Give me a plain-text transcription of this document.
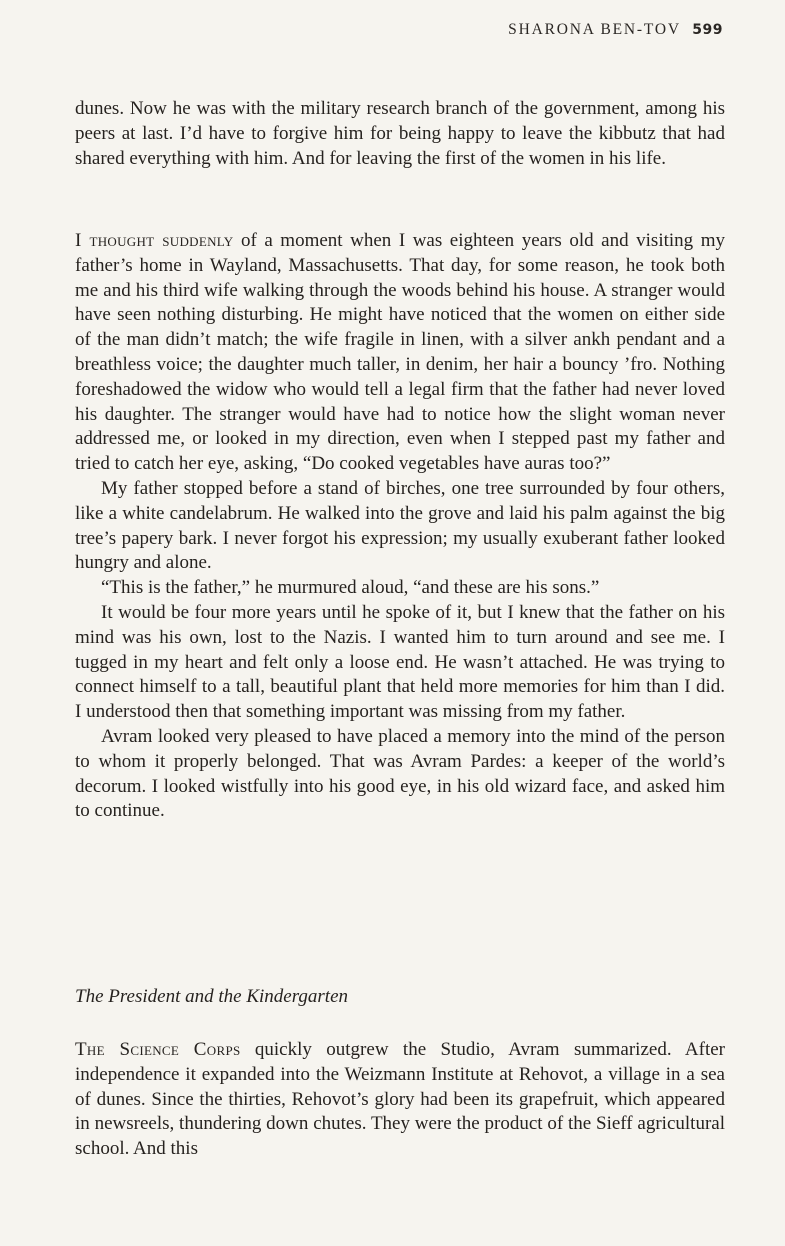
SHARONA BEN-TOV 599

dunes. Now he was with the military research branch of the government, among his peers at last. I’d have to forgive him for being happy to leave the kibbutz that had shared everything with him. And for leaving the first of the women in his life.

I thought suddenly of a moment when I was eighteen years old and visiting my father’s home in Wayland, Massachusetts. That day, for some reason, he took both me and his third wife walking through the woods behind his house. A stranger would have seen nothing disturbing. He might have noticed that the women on either side of the man didn’t match; the wife fragile in linen, with a silver ankh pendant and a breathless voice; the daughter much taller, in denim, her hair a bouncy ’fro. Nothing foreshadowed the widow who would tell a legal firm that the father had never loved his daughter. The stranger would have had to notice how the slight woman never addressed me, or looked in my direction, even when I stepped past my father and tried to catch her eye, asking, “Do cooked vegetables have auras too?”

My father stopped before a stand of birches, one tree surrounded by four others, like a white candelabrum. He walked into the grove and laid his palm against the big tree’s papery bark. I never forgot his expression; my usually exuberant father looked hungry and alone.

“This is the father,” he murmured aloud, “and these are his sons.”

It would be four more years until he spoke of it, but I knew that the father on his mind was his own, lost to the Nazis. I wanted him to turn around and see me. I tugged in my heart and felt only a loose end. He wasn’t attached. He was trying to connect himself to a tall, beautiful plant that held more memories for him than I did. I understood then that something important was missing from my father.

Avram looked very pleased to have placed a memory into the mind of the person to whom it properly belonged. That was Avram Pardes: a keeper of the world’s decorum. I looked wistfully into his good eye, in his old wizard face, and asked him to continue.

The President and the Kindergarten

The Science Corps quickly outgrew the Studio, Avram summarized. After independence it expanded into the Weizmann Institute at Rehovot, a village in a sea of dunes. Since the thirties, Rehovot’s glory had been its grapefruit, which appeared in newsreels, thundering down chutes. They were the product of the Sieff agricultural school. And this
